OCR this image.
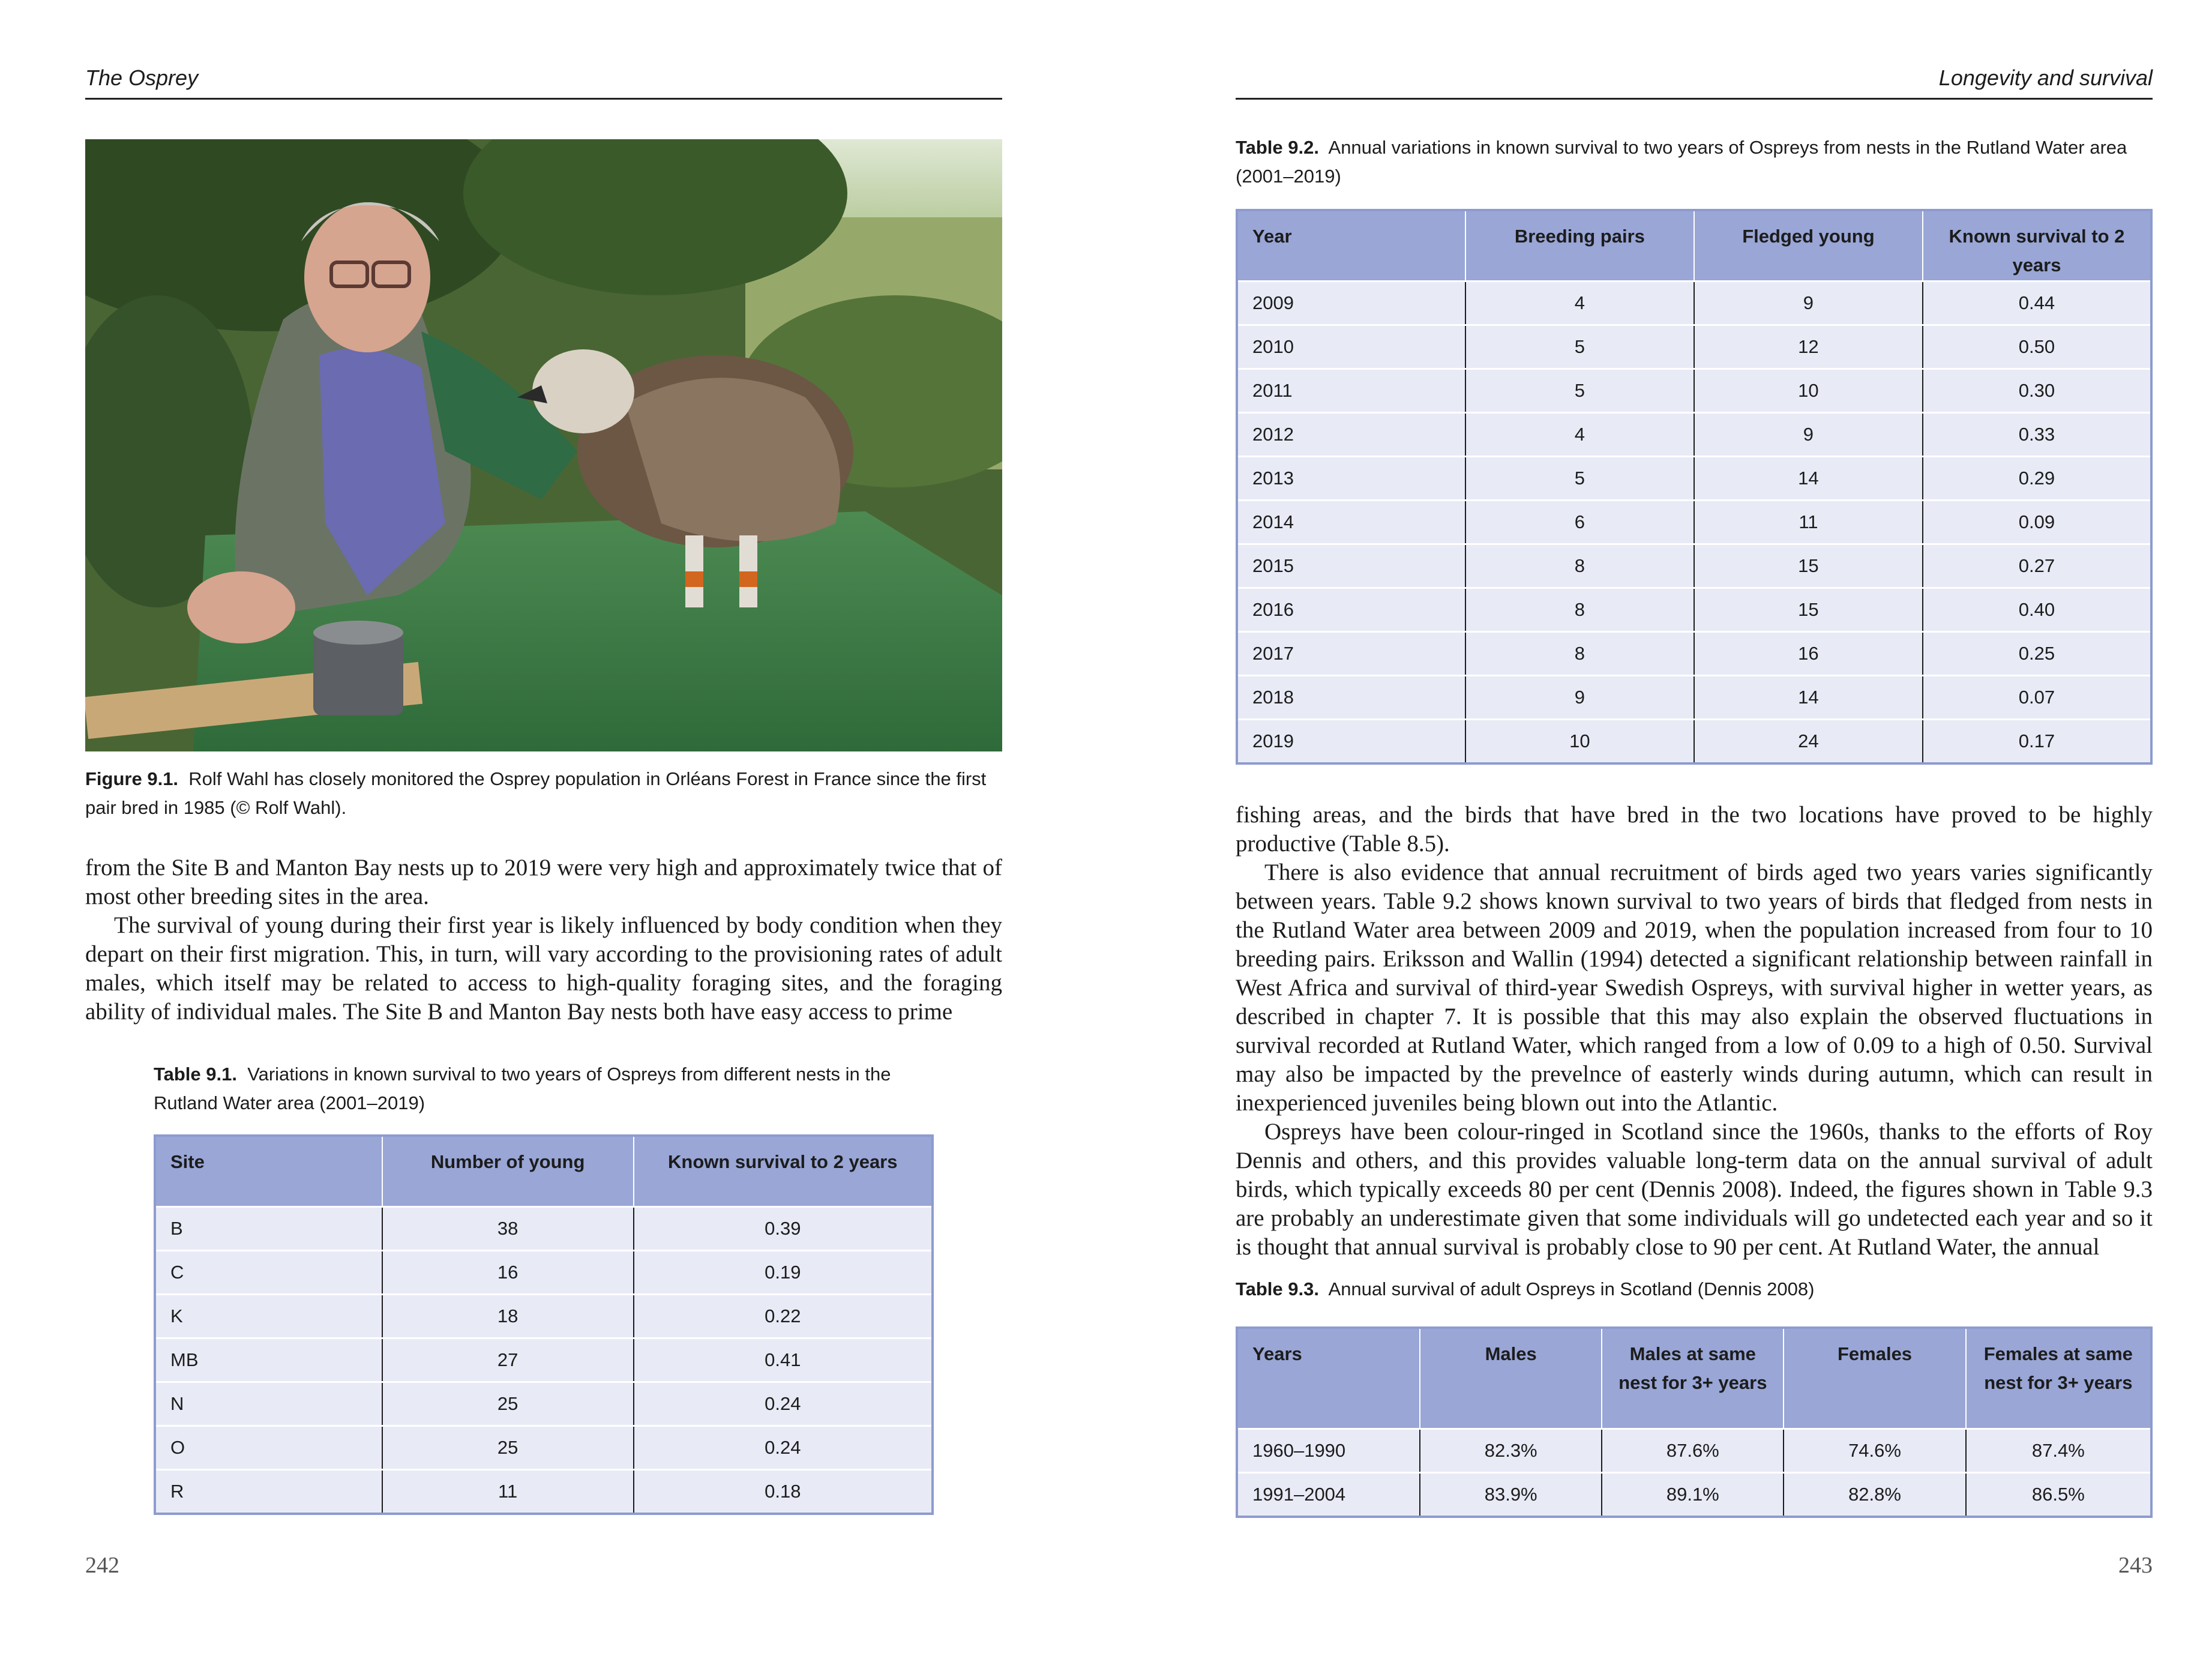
The Osprey
Figure 9.1. Rolf Wahl has closely monitored the Osprey population in Orléans Forest in France since the first pair bred in 1985 (© Rolf Wahl).

from the Site B and Manton Bay nests up to 2019 were very high and approximately twice that of most other breeding sites in the area.

The survival of young during their first year is likely influenced by body condition when they depart on their first migration. This, in turn, will vary according to the provisioning rates of adult males, which itself may be related to access to high-quality foraging sites, and the foraging ability of individual males. The Site B and Manton Bay nests both have easy access to prime

Table 9.1. Variations in known survival to two years of Ospreys from different nests in the Rutland Water area (2001–2019)
Site	Number of young	Known survival to 2 years
B	38	0.39
C	16	0.19
K	18	0.22
MB	27	0.41
N	25	0.24
O	25	0.24
R	11	0.18
242
Longevity and survival
Table 9.2. Annual variations in known survival to two years of Ospreys from nests in the Rutland Water area (2001–2019)
Year	Breeding pairs	Fledged young	Known survival to 2 years
2009	4	9	0.44
2010	5	12	0.50
2011	5	10	0.30
2012	4	9	0.33
2013	5	14	0.29
2014	6	11	0.09
2015	8	15	0.27
2016	8	15	0.40
2017	8	16	0.25
2018	9	14	0.07
2019	10	24	0.17

fishing areas, and the birds that have bred in the two locations have proved to be highly productive (Table 8.5).

There is also evidence that annual recruitment of birds aged two years varies significantly between years. Table 9.2 shows known survival to two years of birds that fledged from nests in the Rutland Water area between 2009 and 2019, when the population increased from four to 10 breeding pairs. Eriksson and Wallin (1994) detected a significant relationship between rainfall in West Africa and survival of third-year Swedish Ospreys, with survival higher in wetter years, as described in chapter 7. It is possible that this may also explain the observed fluctuations in survival recorded at Rutland Water, which ranged from a low of 0.09 to a high of 0.50. Survival may also be impacted by the prevelnce of easterly winds during autumn, which can result in inexperienced juveniles being blown out into the Atlantic.

Ospreys have been colour-ringed in Scotland since the 1960s, thanks to the efforts of Roy Dennis and others, and this provides valuable long-term data on the annual survival of adult birds, which typically exceeds 80 per cent (Dennis 2008). Indeed, the figures shown in Table 9.3 are probably an underestimate given that some individuals will go undetected each year and so it is thought that annual survival is probably close to 90 per cent. At Rutland Water, the annual

Table 9.3. Annual survival of adult Ospreys in Scotland (Dennis 2008)
Years	Males	Males at same nest for 3+ years	Females	Females at same nest for 3+ years
1960–1990	82.3%	87.6%	74.6%	87.4%
1991–2004	83.9%	89.1%	82.8%	86.5%
243
